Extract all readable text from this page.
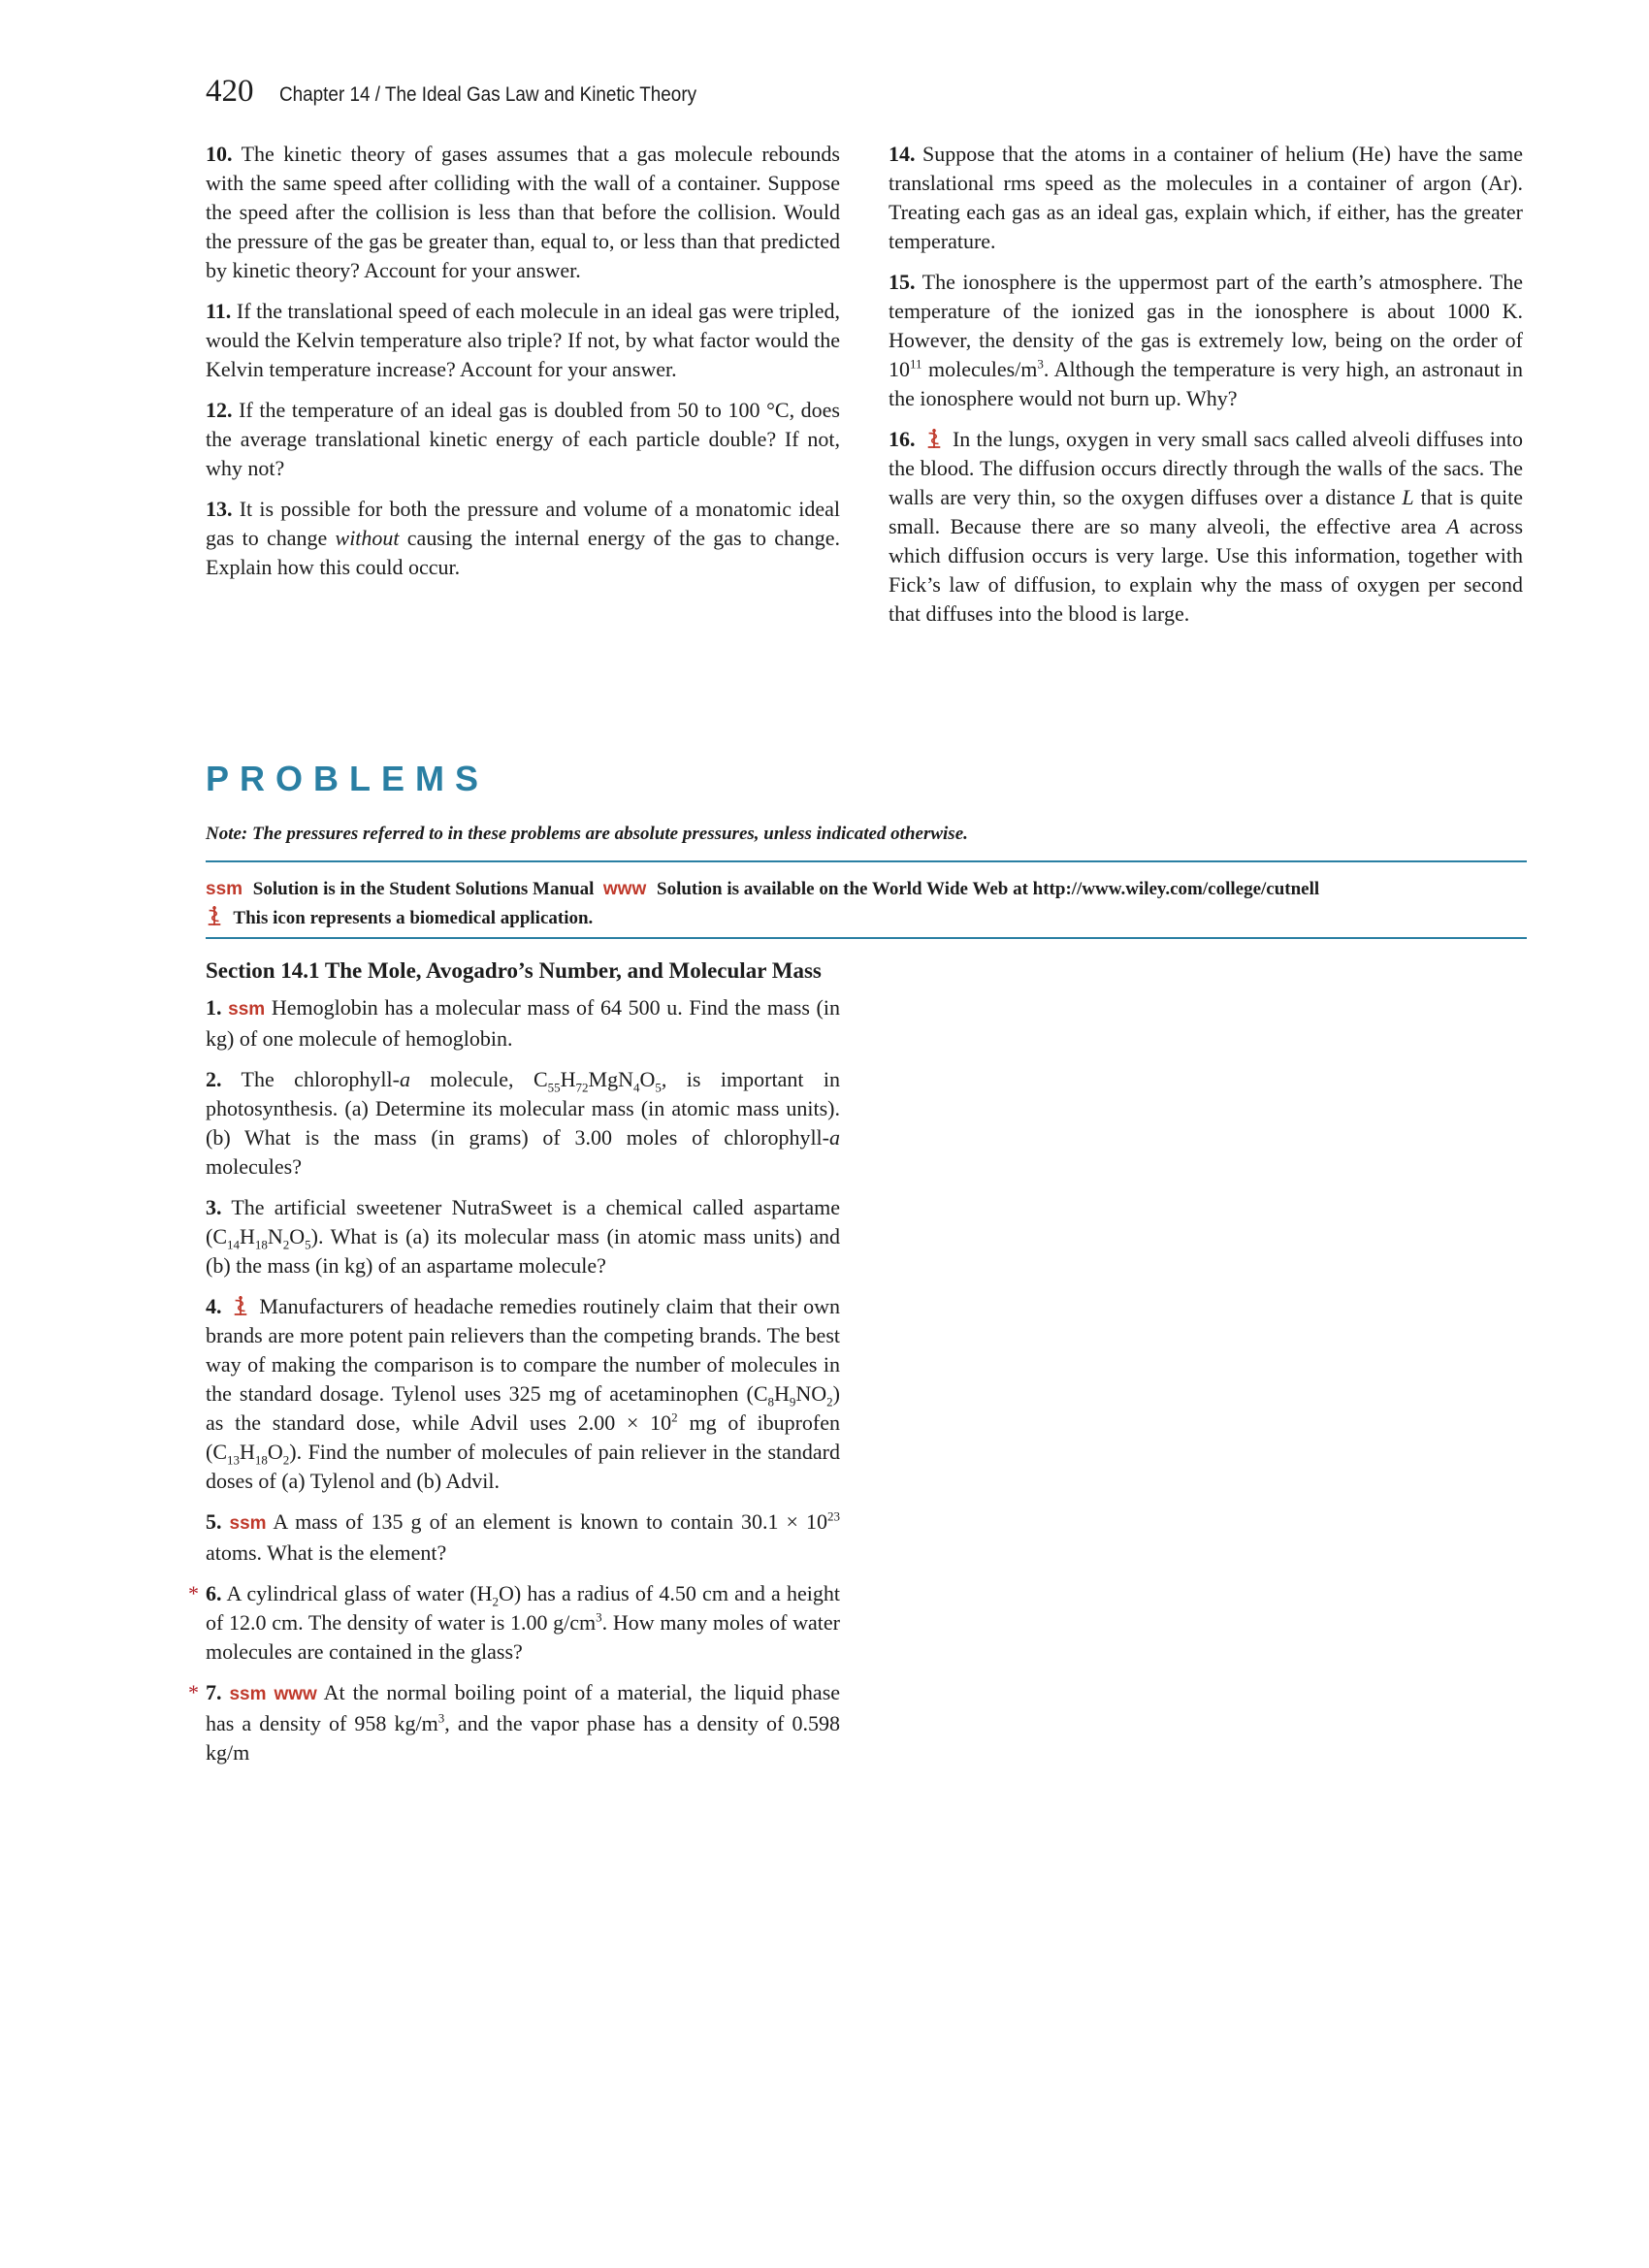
420 Chapter 14 / The Ideal Gas Law and Kinetic Theory

10. The kinetic theory of gases assumes that a gas molecule rebounds with the same speed after colliding with the wall of a container. Suppose the speed after the collision is less than that before the collision. Would the pressure of the gas be greater than, equal to, or less than that predicted by kinetic theory? Account for your answer.

11. If the translational speed of each molecule in an ideal gas were tripled, would the Kelvin temperature also triple? If not, by what factor would the Kelvin temperature increase? Account for your answer.

12. If the temperature of an ideal gas is doubled from 50 to 100 °C, does the average translational kinetic energy of each particle double? If not, why not?

13. It is possible for both the pressure and volume of a monatomic ideal gas to change without causing the internal energy of the gas to change. Explain how this could occur.

14. Suppose that the atoms in a container of helium (He) have the same translational rms speed as the molecules in a container of argon (Ar). Treating each gas as an ideal gas, explain which, if either, has the greater temperature.

15. The ionosphere is the uppermost part of the earth’s atmosphere. The temperature of the ionized gas in the ionosphere is about 1000 K. However, the density of the gas is extremely low, being on the order of $10^{11}$ molecules/$m^3$. Although the temperature is very high, an astronaut in the ionosphere would not burn up. Why?

16. In the lungs, oxygen in very small sacs called alveoli diffuses into the blood. The diffusion occurs directly through the walls of the sacs. The walls are very thin, so the oxygen diffuses over a distance L that is quite small. Because there are so many alveoli, the effective area A across which diffusion occurs is very large. Use this information, together with Fick’s law of diffusion, to explain why the mass of oxygen per second that diffuses into the blood is large.

PROBLEMS
Note: The pressures referred to in these problems are absolute pressures, unless indicated otherwise.
ssm Solution is in the Student Solutions Manual www Solution is available on the World Wide Web at http://www.wiley.com/college/cutnell
This icon represents a biomedical application.

Section 14.1 The Mole, Avogadro’s Number, and Molecular Mass

1. ssm Hemoglobin has a molecular mass of 64 500 u. Find the mass (in kg) of one molecule of hemoglobin.

2. The chlorophyll-a molecule, $C_{55}H_{72}MgN_4O_5$, is important in photosynthesis. (a) Determine its molecular mass (in atomic mass units). (b) What is the mass (in grams) of 3.00 moles of chlorophyll-a molecules?

3. The artificial sweetener NutraSweet is a chemical called aspartame $(C_{14}H_{18}N_2O_5)$. What is (a) its molecular mass (in atomic mass units) and (b) the mass (in kg) of an aspartame molecule?

4. Manufacturers of headache remedies routinely claim that their own brands are more potent pain relievers than the competing brands. The best way of making the comparison is to compare the number of molecules in the standard dosage. Tylenol uses 325 mg of acetaminophen $(C_8H_9NO_2)$ as the standard dose, while Advil uses $2.00 \times 10^2$ mg of ibuprofen $(C_{13}H_{18}O_2)$. Find the number of molecules of pain reliever in the standard doses of (a) Tylenol and (b) Advil.

5. ssm A mass of 135 g of an element is known to contain $30.1 \times 10^{23}$ atoms. What is the element?

* 6. A cylindrical glass of water $(H_2O)$ has a radius of 4.50 cm and a height of 12.0 cm. The density of water is 1.00 $g/cm^3$. How many moles of water molecules are contained in the glass?

* 7. ssm www At the normal boiling point of a material, the liquid phase has a density of 958 $kg/m^3$, and the vapor phase has a density of 0.598 kg/m
